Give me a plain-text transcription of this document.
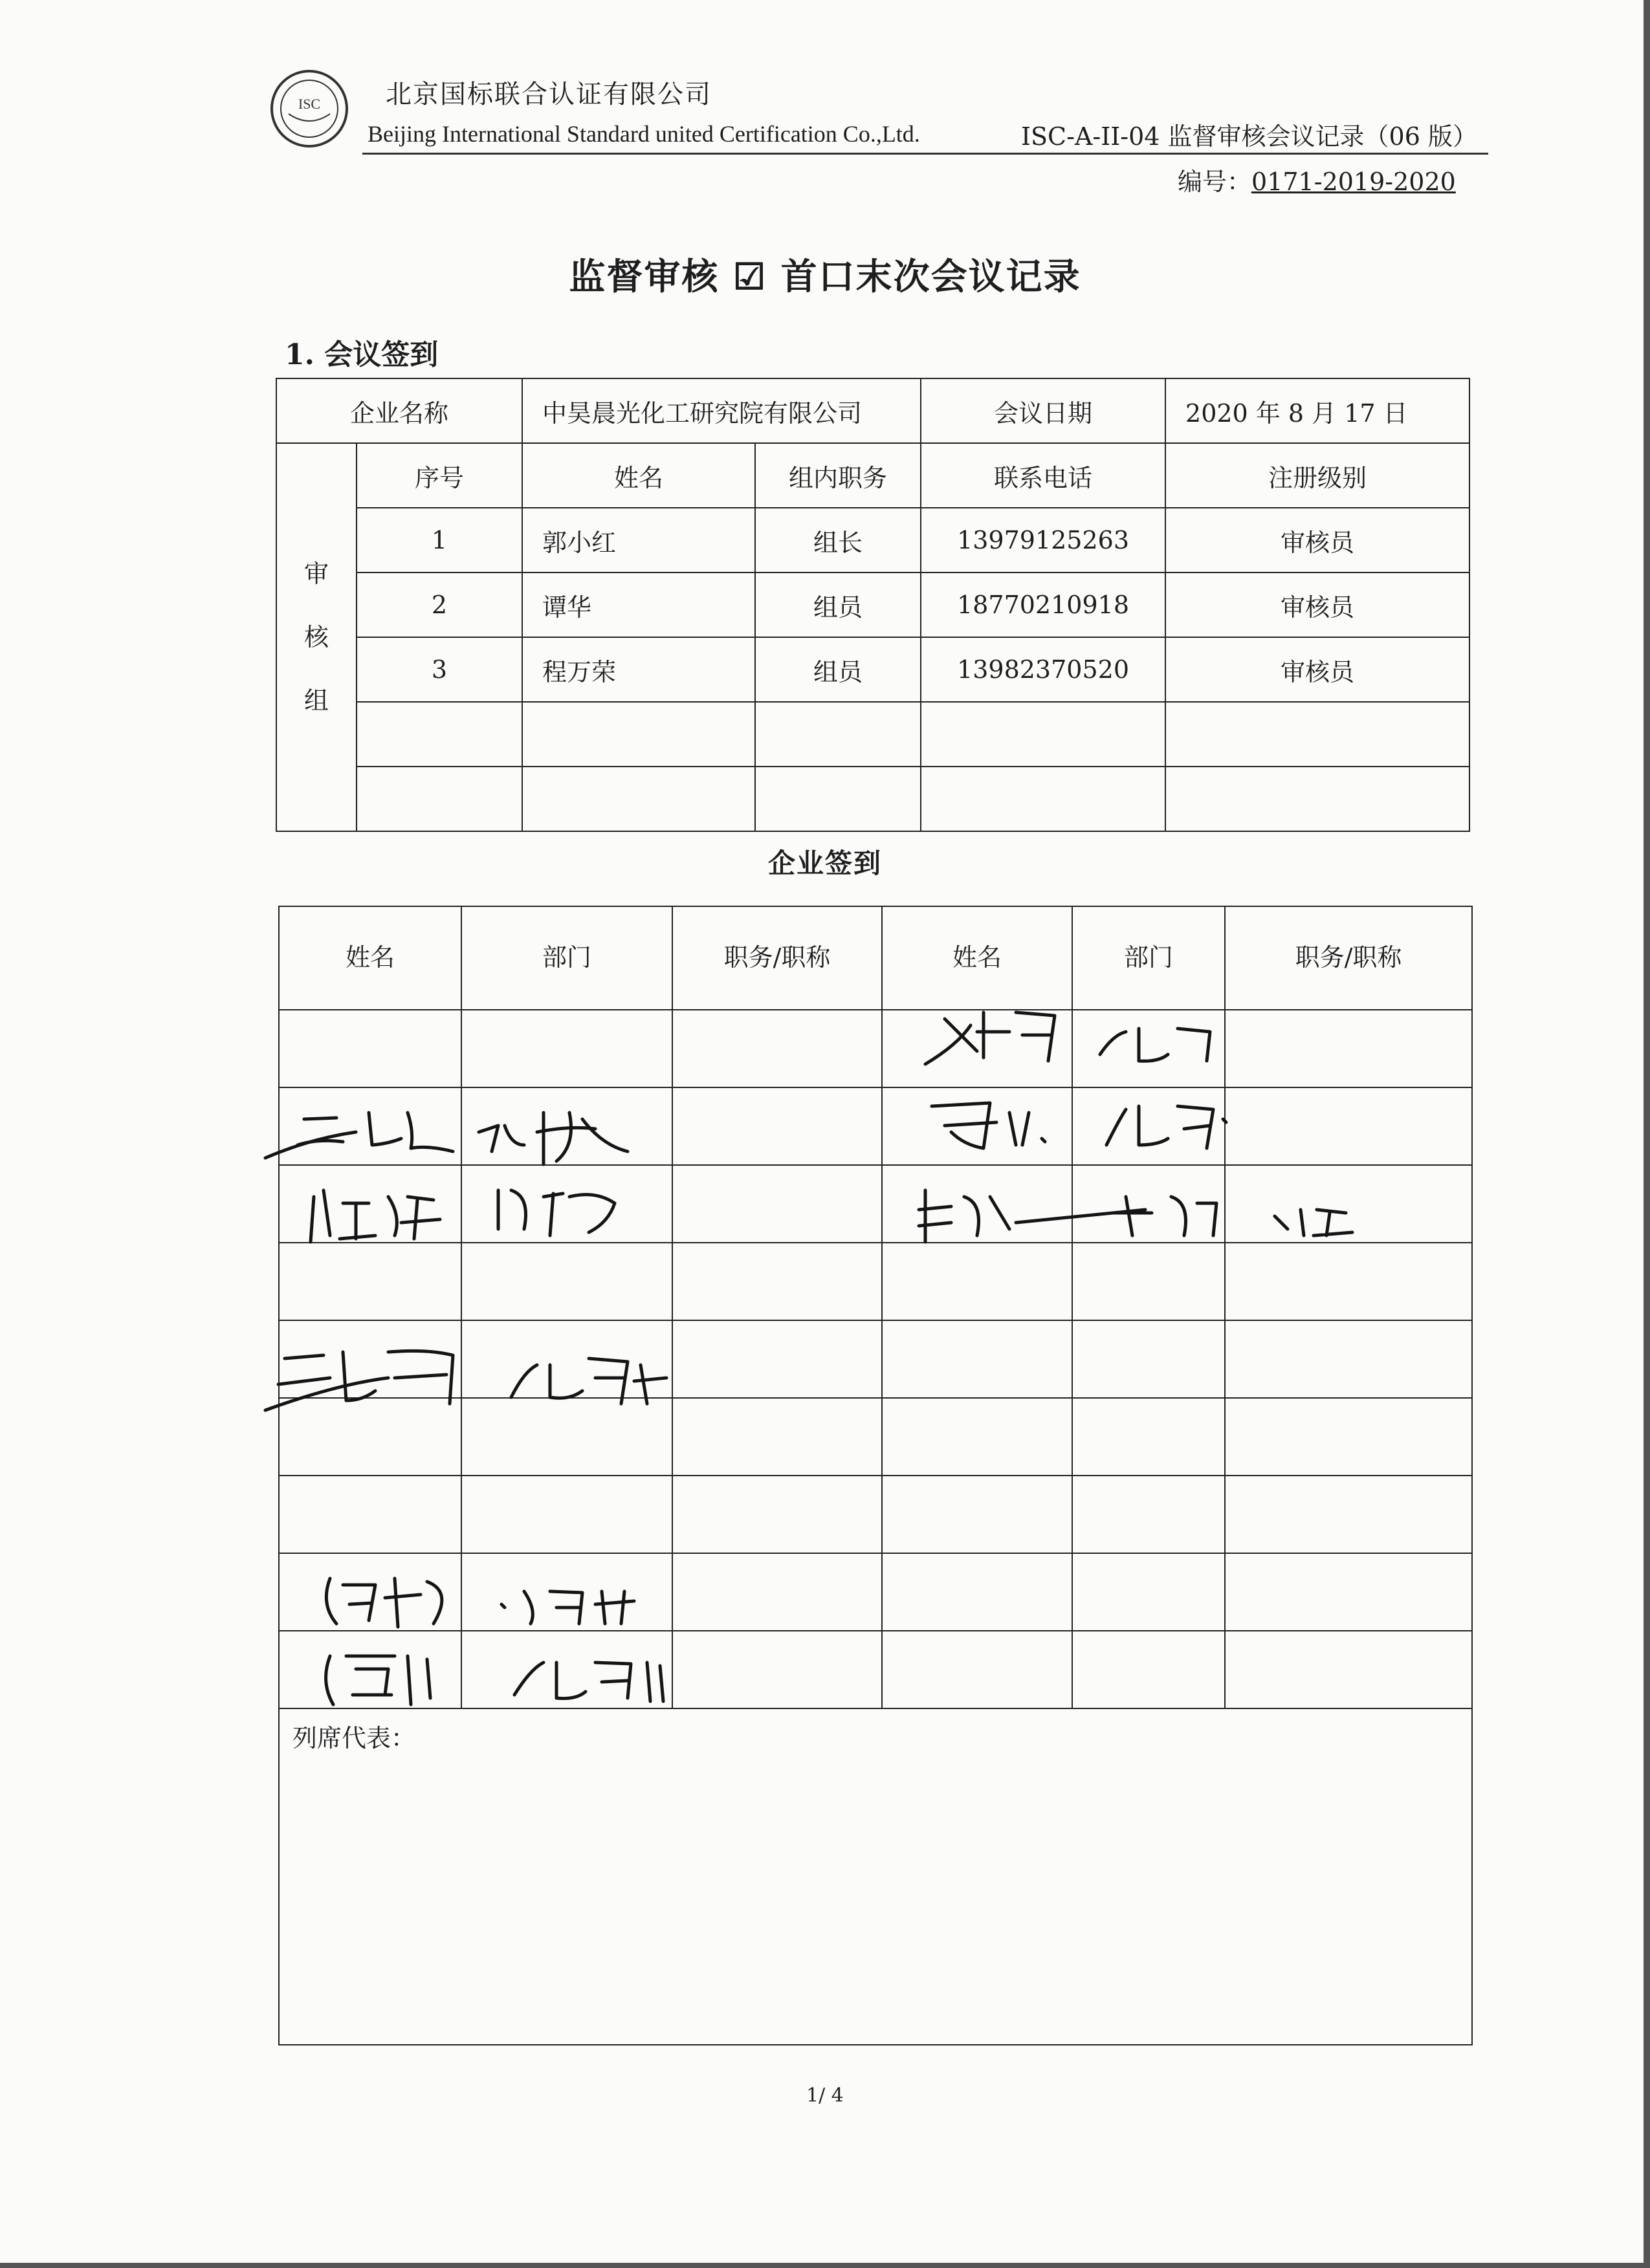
ISC	北京国标联合认证有限公司
Beijing International Standard united Certification Co.,Ltd.	ISC-A-II-04 监督审核会议记录（06 版）
编号：0171-2019-2020
监督审核 ☑ 首口末次会议记录
1. 会议签到
企业名称		中昊晨光化工研究院有限公司		会议日期	2020 年 8 月 17 日
审
核
组	序号	姓名	组内职务	联系电话	注册级别
	1	郭小红	组长	13979125263	审核员
	2	谭华	组员	18770210918	审核员
	3	程万荣	组员	13982370520	审核员

企业签到
姓名	部门	职务/职称	姓名	部门	职务/职称

列席代表：					
1/ 4
